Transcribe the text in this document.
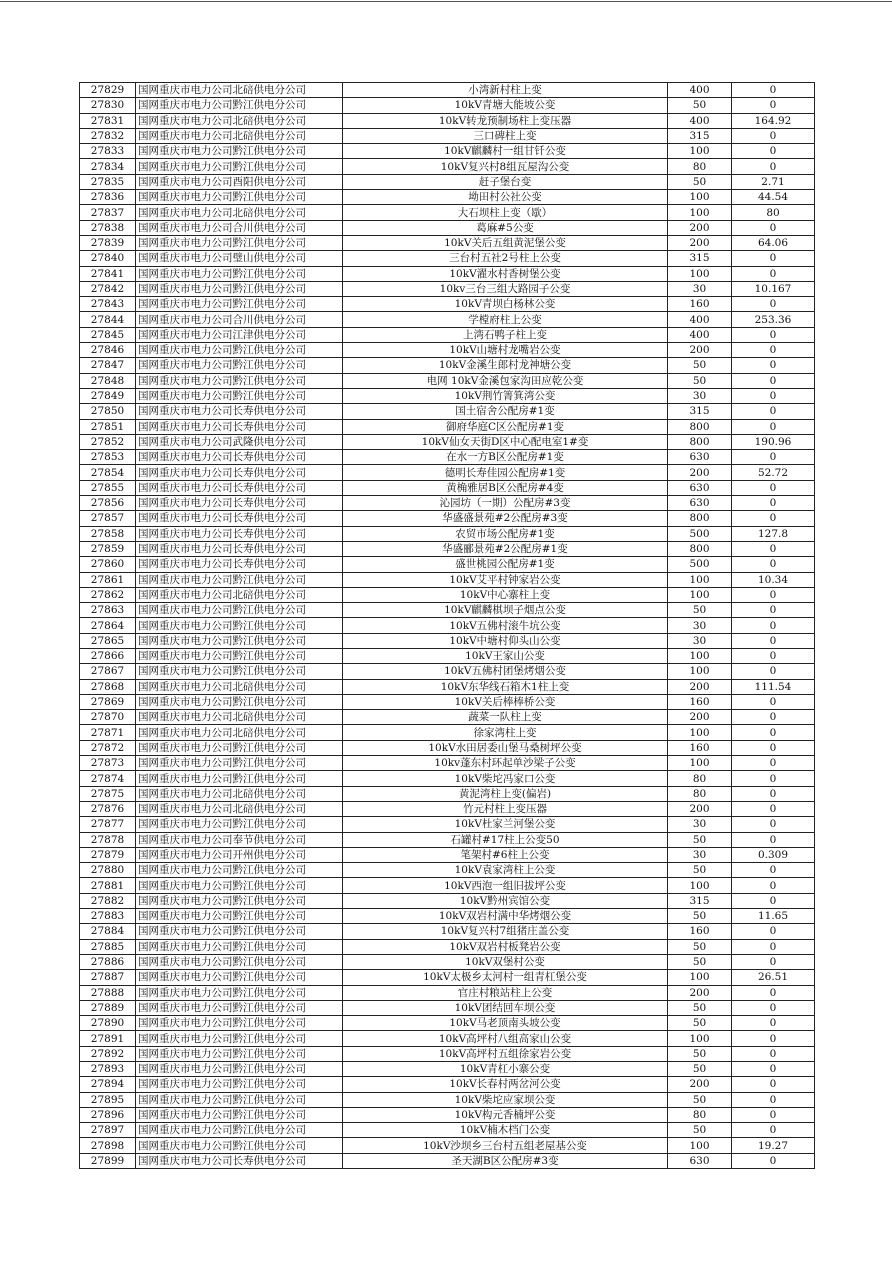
27829	国网重庆市电力公司北碚供电分公司	小湾新村柱上变	400	0
27830	国网重庆市电力公司黔江供电分公司	10kV青塘大能坡公变	50	0
27831	国网重庆市电力公司北碚供电分公司	10kV转龙预制场柱上变压器	400	164.92
27832	国网重庆市电力公司北碚供电分公司	三口碑柱上变	315	0
27833	国网重庆市电力公司黔江供电分公司	10kV麒麟村一组甘钎公变	100	0
27834	国网重庆市电力公司黔江供电分公司	10kV复兴村8组瓦屋沟公变	80	0
27835	国网重庆市电力公司酉阳供电分公司	赶子堡台变	50	2.71
27836	国网重庆市电力公司黔江供电分公司	坳田村公社公变	100	44.54
27837	国网重庆市电力公司北碚供电分公司	大石坝柱上变（歇）	100	80
27838	国网重庆市电力公司合川供电分公司	葛麻#5公变	200	0
27839	国网重庆市电力公司黔江供电分公司	10kV关后五组黄泥堡公变	200	64.06
27840	国网重庆市电力公司璧山供电分公司	三台村五社2号柱上公变	315	0
27841	国网重庆市电力公司黔江供电分公司	10kV濯水村香树堡公变	100	0
27842	国网重庆市电力公司黔江供电分公司	10kv三台三组大路园子公变	30	10.167
27843	国网重庆市电力公司黔江供电分公司	10kV青坝白杨林公变	160	0
27844	国网重庆市电力公司合川供电分公司	学樘府柱上公变	400	253.36
27845	国网重庆市电力公司江津供电分公司	上湾石鸭子柱上变	400	0
27846	国网重庆市电力公司黔江供电分公司	10kV山塘村龙嘴岩公变	200	0
27847	国网重庆市电力公司黔江供电分公司	10kV金溪生郎村龙神塘公变	50	0
27848	国网重庆市电力公司黔江供电分公司	电网 10kV金溪包家沟田应乾公变	50	0
27849	国网重庆市电力公司黔江供电分公司	10kV荆竹箐箕湾公变	30	0
27850	国网重庆市电力公司长寿供电分公司	国土宿舍公配房#1变	315	0
27851	国网重庆市电力公司长寿供电分公司	御府华庭C区公配房#1变	800	0
27852	国网重庆市电力公司武隆供电分公司	10kV仙女天街D区中心配电室1#变	800	190.96
27853	国网重庆市电力公司长寿供电分公司	在水一方B区公配房#1变	630	0
27854	国网重庆市电力公司长寿供电分公司	德明长寿佳园公配房#1变	200	52.72
27855	国网重庆市电力公司长寿供电分公司	黄桷雅居B区公配房#4变	630	0
27856	国网重庆市电力公司长寿供电分公司	沁园坊（一期）公配房#3变	630	0
27857	国网重庆市电力公司长寿供电分公司	华盛盛景苑#2公配房#3变	800	0
27858	国网重庆市电力公司长寿供电分公司	农贸市场公配房#1变	500	127.8
27859	国网重庆市电力公司长寿供电分公司	华盛郦景苑#2公配房#1变	800	0
27860	国网重庆市电力公司长寿供电分公司	盛世桃园公配房#1变	500	0
27861	国网重庆市电力公司黔江供电分公司	10kV艾平村钟家岩公变	100	10.34
27862	国网重庆市电力公司北碚供电分公司	10kV中心寨柱上变	100	0
27863	国网重庆市电力公司黔江供电分公司	10kV麒麟棋坝子烟点公变	50	0
27864	国网重庆市电力公司黔江供电分公司	10kV五佛村滚牛坑公变	30	0
27865	国网重庆市电力公司黔江供电分公司	10kV中塘村仰头山公变	30	0
27866	国网重庆市电力公司黔江供电分公司	10kV王家山公变	100	0
27867	国网重庆市电力公司黔江供电分公司	10kV五佛村团堡烤烟公变	100	0
27868	国网重庆市电力公司北碚供电分公司	10kV东华线石箱木1柱上变	200	111.54
27869	国网重庆市电力公司黔江供电分公司	10kV关后棒棒桥公变	160	0
27870	国网重庆市电力公司北碚供电分公司	蔬菜一队柱上变	200	0
27871	国网重庆市电力公司北碚供电分公司	徐家湾柱上变	100	0
27872	国网重庆市电力公司黔江供电分公司	10kV水田居委山堡马桑树坪公变	160	0
27873	国网重庆市电力公司黔江供电分公司	10kv蓬东村环起单沙梁子公变	100	0
27874	国网重庆市电力公司黔江供电分公司	10kV柴坨冯家口公变	80	0
27875	国网重庆市电力公司北碚供电分公司	黄泥湾柱上变(偏岩)	80	0
27876	国网重庆市电力公司北碚供电分公司	竹元村柱上变压器	200	0
27877	国网重庆市电力公司黔江供电分公司	10kV杜家兰河堡公变	30	0
27878	国网重庆市电力公司奉节供电分公司	石罐村#17柱上公变50	50	0
27879	国网重庆市电力公司开州供电分公司	笔架村#6柱上公变	30	0.309
27880	国网重庆市电力公司黔江供电分公司	10kV袁家湾柱上公变	50	0
27881	国网重庆市电力公司黔江供电分公司	10kV西泡一组旧拔坪公变	100	0
27882	国网重庆市电力公司黔江供电分公司	10kV黔州宾馆公变	315	0
27883	国网重庆市电力公司黔江供电分公司	10kV双岩村满中华烤烟公变	50	11.65
27884	国网重庆市电力公司黔江供电分公司	10kV复兴村7组猪庄盖公变	160	0
27885	国网重庆市电力公司黔江供电分公司	10kV双岩村板凳岩公变	50	0
27886	国网重庆市电力公司黔江供电分公司	10kV双堡村公变	50	0
27887	国网重庆市电力公司黔江供电分公司	10kV太极乡太河村一组青杠堡公变	100	26.51
27888	国网重庆市电力公司黔江供电分公司	官庄村粮站柱上公变	200	0
27889	国网重庆市电力公司黔江供电分公司	10kV团结回车坝公变	50	0
27890	国网重庆市电力公司黔江供电分公司	10kV马老顶南头坡公变	50	0
27891	国网重庆市电力公司黔江供电分公司	10kV高坪村八组高家山公变	100	0
27892	国网重庆市电力公司黔江供电分公司	10kV高坪村五组徐家岩公变	50	0
27893	国网重庆市电力公司黔江供电分公司	10kV青杠小寨公变	50	0
27894	国网重庆市电力公司黔江供电分公司	10kV长春村两岔河公变	200	0
27895	国网重庆市电力公司黔江供电分公司	10kV柴坨应家坝公变	50	0
27896	国网重庆市电力公司黔江供电分公司	10kV构元香楠坪公变	80	0
27897	国网重庆市电力公司黔江供电分公司	10kV楠木档门公变	50	0
27898	国网重庆市电力公司黔江供电分公司	10kV沙坝乡三台村五组老屋基公变	100	19.27
27899	国网重庆市电力公司长寿供电分公司	圣天湖B区公配房#3变	630	0
